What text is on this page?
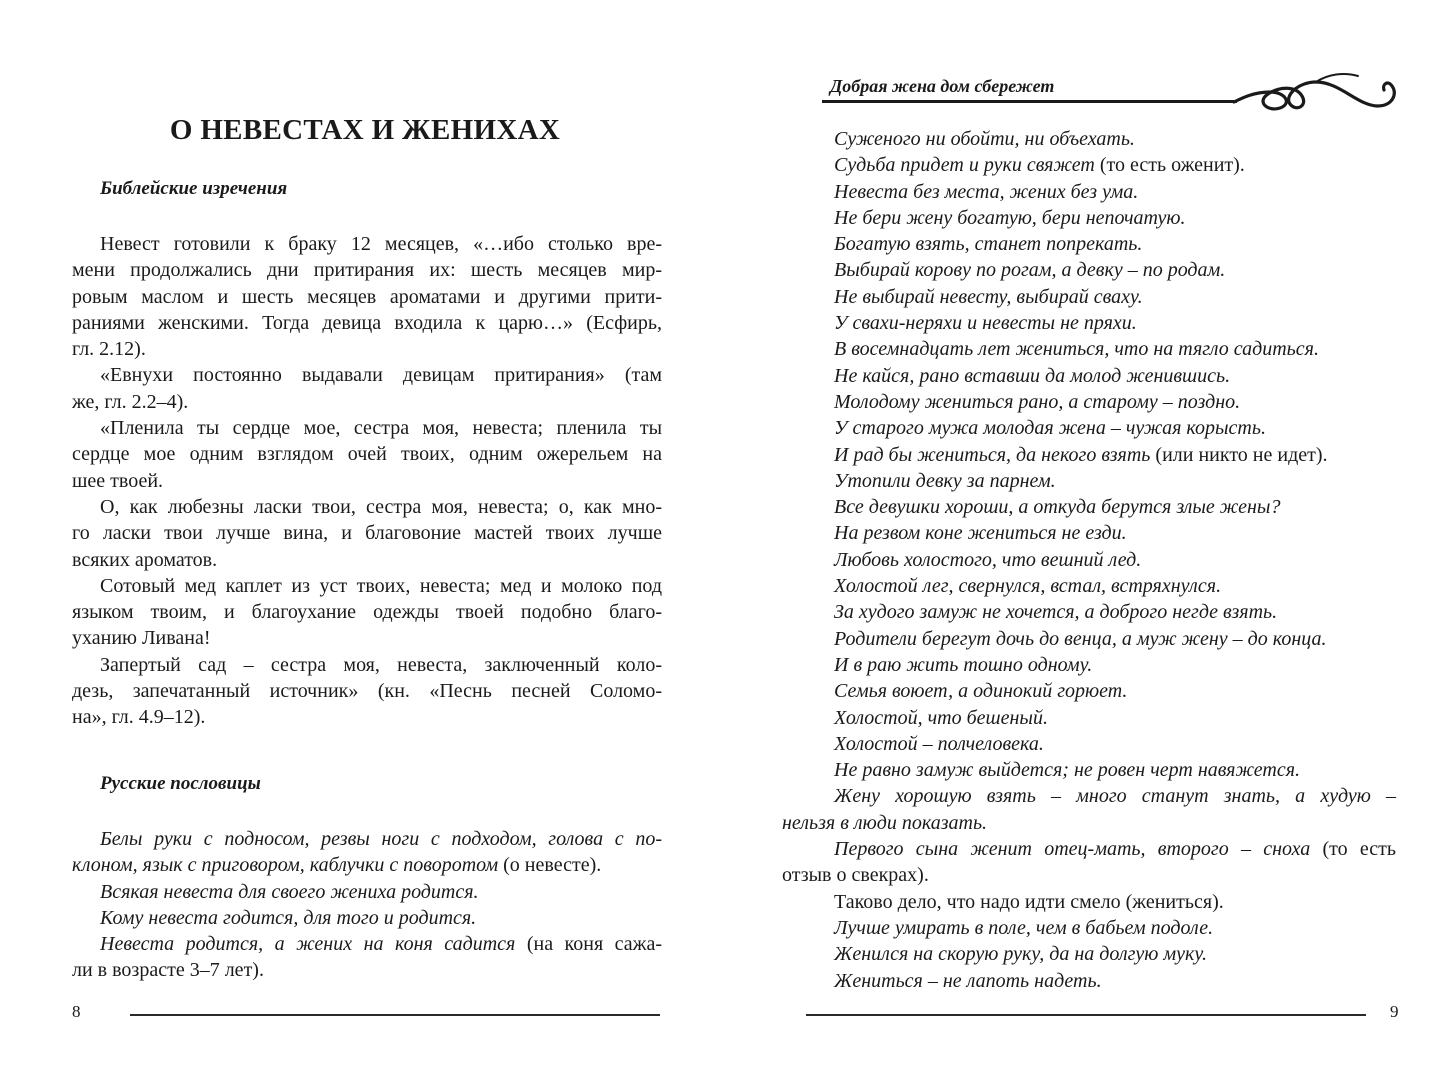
О НЕВЕСТАХ И ЖЕНИХАХ
Библейские изречения
Невест готовили к браку 12 месяцев, «…ибо столько вре-
мени продолжались дни притирания их: шесть месяцев мир-
ровым маслом и шесть месяцев ароматами и другими прити-
раниями женскими. Тогда девица входила к царю…» (Есфирь,
гл. 2.12).
«Евнухи постоянно выдавали девицам притирания» (там
же, гл. 2.2–4).
«Пленила ты сердце мое, сестра моя, невеста; пленила ты
сердце мое одним взглядом очей твоих, одним ожерельем на
шее твоей.
О, как любезны ласки твои, сестра моя, невеста; о, как мно-
го ласки твои лучше вина, и благовоние мастей твоих лучше
всяких ароматов.
Сотовый мед каплет из уст твоих, невеста; мед и молоко под
языком твоим, и благоухание одежды твоей подобно благо-
уханию Ливана!
Запертый сад – сестра моя, невеста, заключенный коло-
дезь, запечатанный источник» (кн. «Песнь песней Соломо-
на», гл. 4.9–12).
Русские пословицы
Белы руки с подносом, резвы ноги с подходом, голова с по-
клоном, язык с приговором, каблучки с поворотом (о невесте).
Всякая невеста для своего жениха родится.
Кому невеста годится, для того и родится.
Невеста родится, а жених на коня садится (на коня сажа-
ли в возрасте 3–7 лет).

8

Добрая жена дом сбережет

Суженого ни обойти, ни объехать.
Судьба придет и руки свяжет (то есть оженит).
Невеста без места, жених без ума.
Не бери жену богатую, бери непочатую.
Богатую взять, станет попрекать.
Выбирай корову по рогам, а девку – по родам.
Не выбирай невесту, выбирай сваху.
У свахи-неряхи и невесты не пряхи.
В восемнадцать лет жениться, что на тягло садиться.
Не кайся, рано вставши да молод женившись.
Молодому жениться рано, а старому – поздно.
У старого мужа молодая жена – чужая корысть.
И рад бы жениться, да некого взять (или никто не идет).
Утопили девку за парнем.
Все девушки хороши, а откуда берутся злые жены?
На резвом коне жениться не езди.
Любовь холостого, что вешний лед.
Холостой лег, свернулся, встал, встряхнулся.
За худого замуж не хочется, а доброго негде взять.
Родители берегут дочь до венца, а муж жену – до конца.
И в раю жить тошно одному.
Семья воюет, а одинокий горюет.
Холостой, что бешеный.
Холостой – полчеловека.
Не равно замуж выйдется; не ровен черт навяжется.
Жену хорошую взять – много станут знать, а худую –
нельзя в люди показать.
Первого сына женит отец-мать, второго – сноха (то есть
отзыв о свекрах).
Таково дело, что надо идти смело (жениться).
Лучше умирать в поле, чем в бабьем подоле.
Женился на скорую руку, да на долгую муку.
Жениться – не лапоть надеть.

9
